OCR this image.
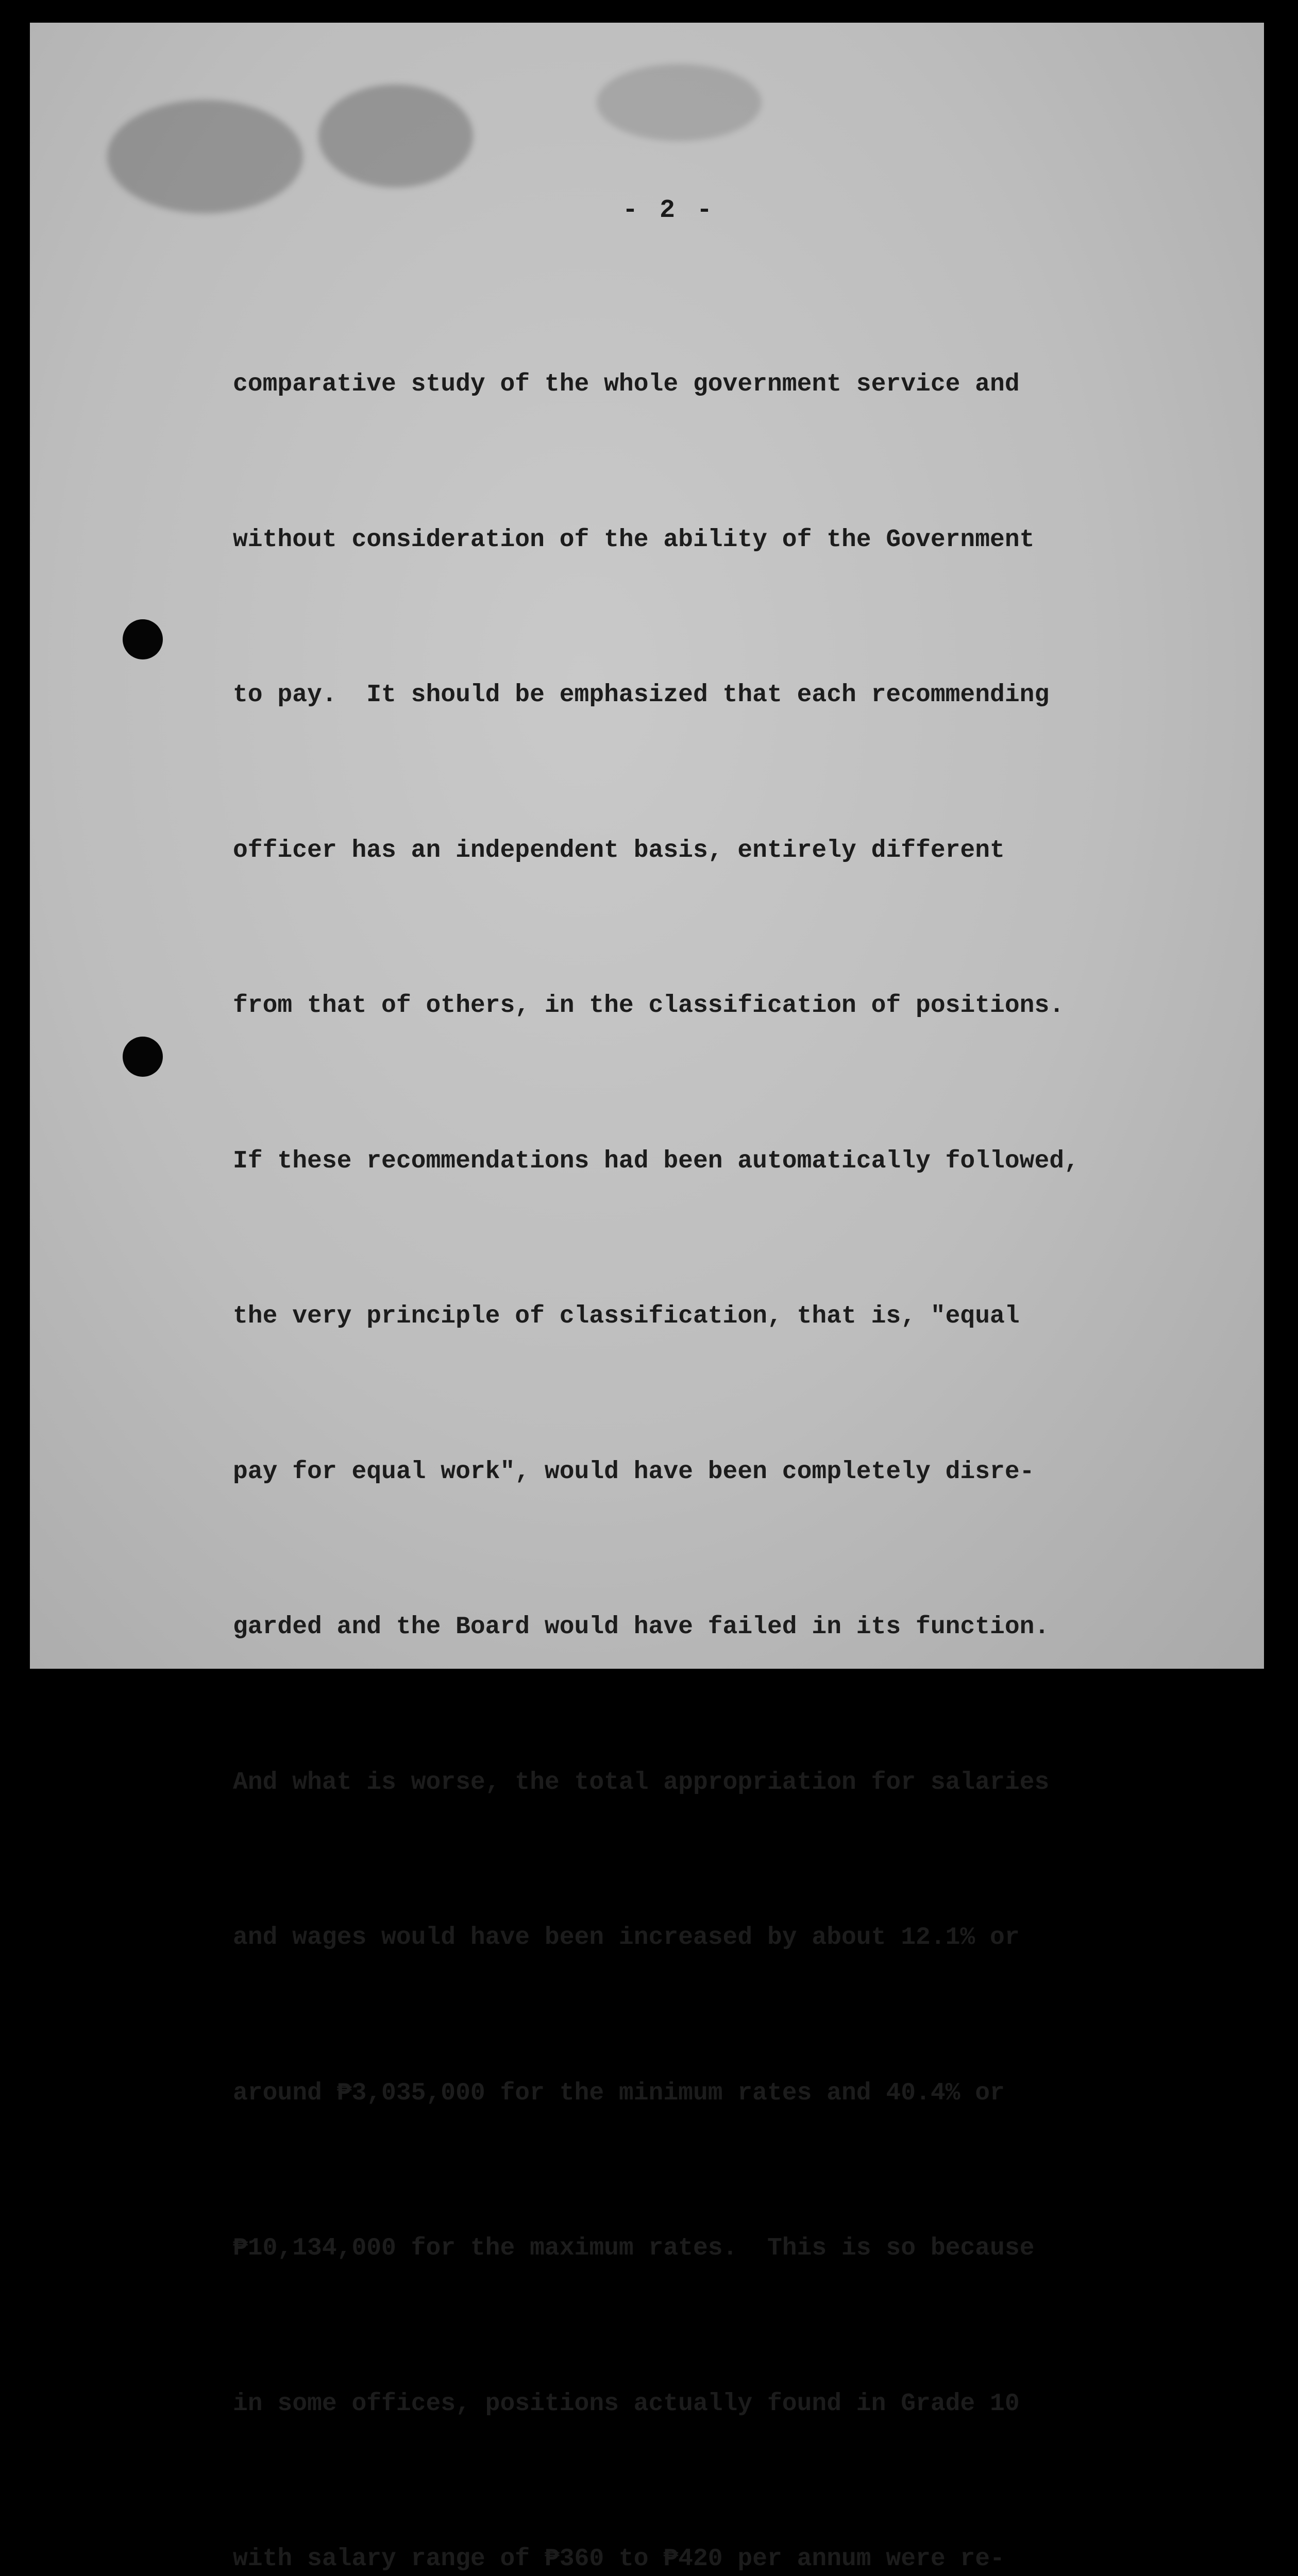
- 2 -

comparative study of the whole government service and

without consideration of the ability of the Government

to pay.  It should be emphasized that each recommending

officer has an independent basis, entirely different

from that of others, in the classification of positions.

If these recommendations had been automatically followed,

the very principle of classification, that is, "equal

pay for equal work", would have been completely disre-

garded and the Board would have failed in its function.

And what is worse, the total appropriation for salaries

and wages would have been increased by about 12.1% or

around ₱3,035,000 for the minimum rates and 40.4% or

₱10,134,000 for the maximum rates.  This is so because

in some offices, positions actually found in Grade 10

with salary range of ₱360 to ₱420 per annum were re-
